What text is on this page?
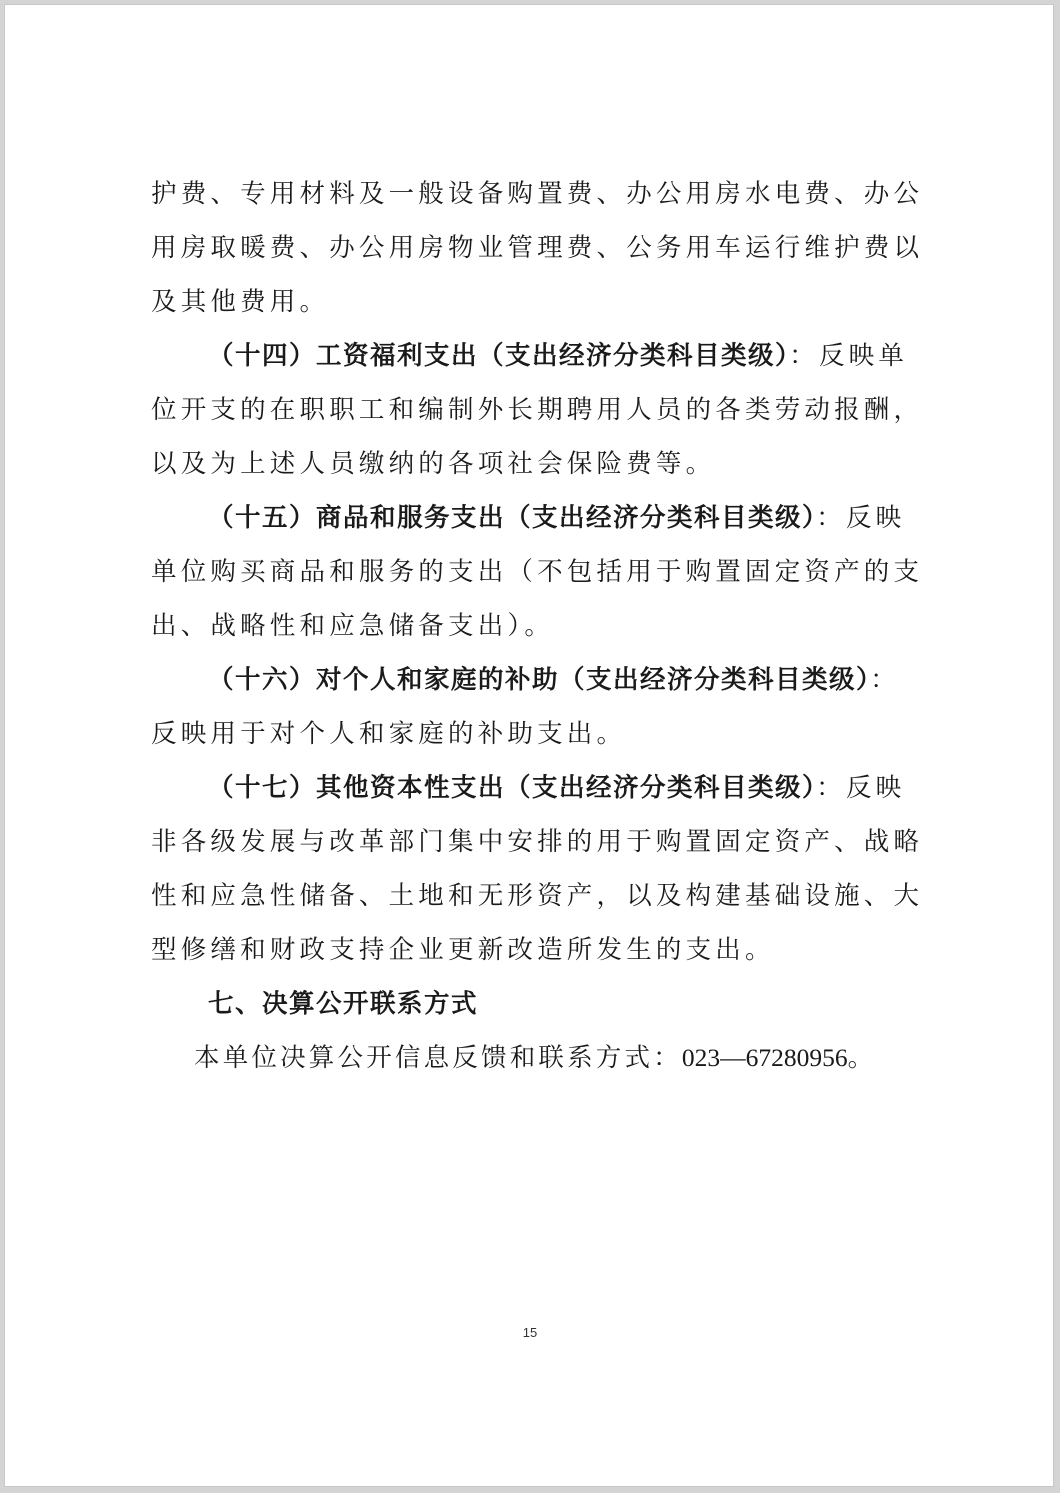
护费、专用材料及一般设备购置费、办公用房水电费、办公用房取暖费、办公用房物业管理费、公务用车运行维护费以及其他费用。

（十四）工资福利支出（支出经济分类科目类级）：反映单位开支的在职职工和编制外长期聘用人员的各类劳动报酬，以及为上述人员缴纳的各项社会保险费等。

（十五）商品和服务支出（支出经济分类科目类级）：反映单位购买商品和服务的支出（不包括用于购置固定资产的支出、战略性和应急储备支出）。

（十六）对个人和家庭的补助（支出经济分类科目类级）：反映用于对个人和家庭的补助支出。

（十七）其他资本性支出（支出经济分类科目类级）：反映非各级发展与改革部门集中安排的用于购置固定资产、战略性和应急性储备、土地和无形资产，以及构建基础设施、大型修缮和财政支持企业更新改造所发生的支出。

七、决算公开联系方式

本单位决算公开信息反馈和联系方式：023—67280956。

15
